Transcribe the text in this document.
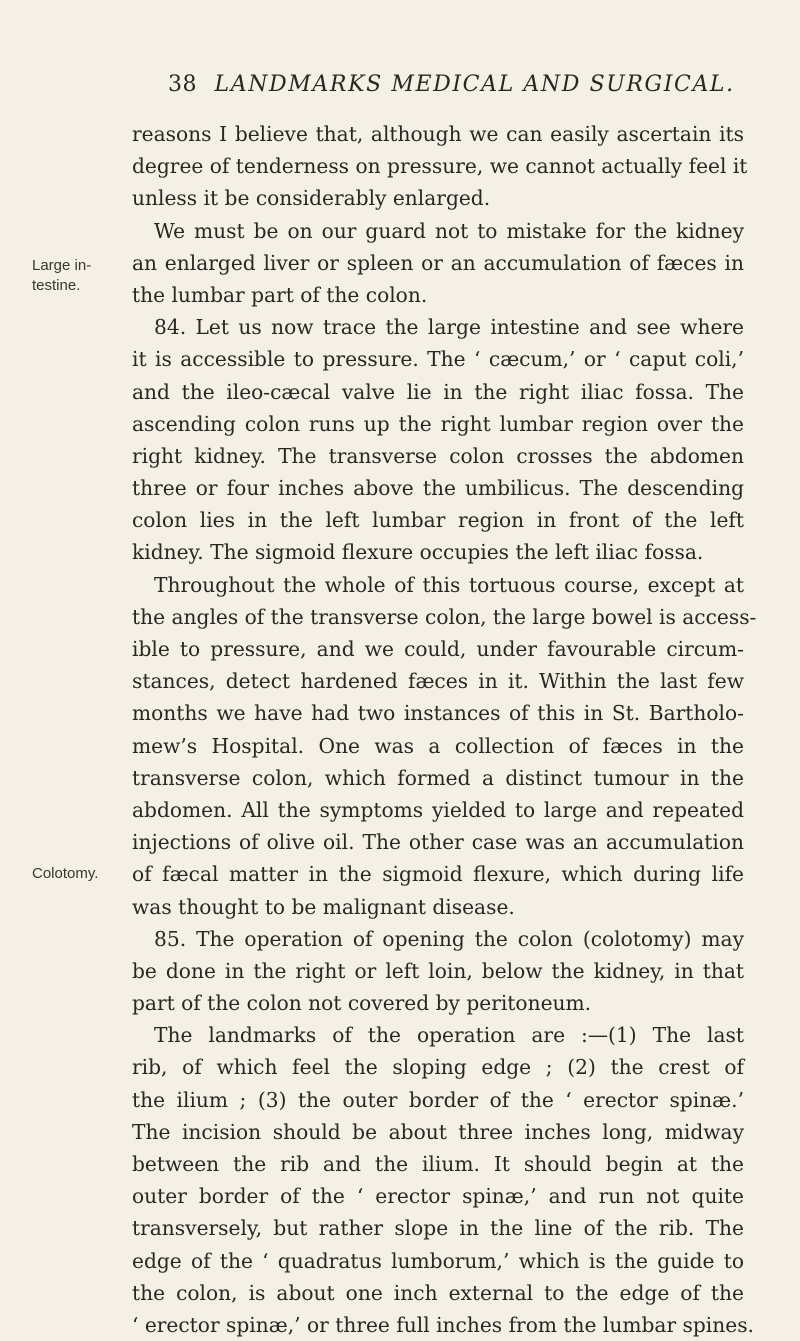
38 LANDMARKS MEDICAL AND SURGICAL.
Large in-
testine.
Colotomy.
reasons I believe that, although we can easily ascertain its
degree of tenderness on pressure, we cannot actually feel it
unless it be considerably enlarged.
We must be on our guard not to mistake for the kidney
an enlarged liver or spleen or an accumulation of fæces in
the lumbar part of the colon.
84. Let us now trace the large intestine and see where
it is accessible to pressure. The ‘ cæcum,’ or ‘ caput coli,’
and the ileo-cæcal valve lie in the right iliac fossa. The
ascending colon runs up the right lumbar region over the
right kidney. The transverse colon crosses the abdomen
three or four inches above the umbilicus. The descending
colon lies in the left lumbar region in front of the left
kidney. The sigmoid flexure occupies the left iliac fossa.
Throughout the whole of this tortuous course, except at
the angles of the transverse colon, the large bowel is access-
ible to pressure, and we could, under favourable circum-
stances, detect hardened fæces in it. Within the last few
months we have had two instances of this in St. Bartholo-
mew’s Hospital. One was a collection of fæces in the
transverse colon, which formed a distinct tumour in the
abdomen. All the symptoms yielded to large and repeated
injections of olive oil. The other case was an accumulation
of fæcal matter in the sigmoid flexure, which during life
was thought to be malignant disease.
85. The operation of opening the colon (colotomy) may
be done in the right or left loin, below the kidney, in that
part of the colon not covered by peritoneum.
The landmarks of the operation are :—(1) The last
rib, of which feel the sloping edge ; (2) the crest of
the ilium ; (3) the outer border of the ‘ erector spinæ.’
The incision should be about three inches long, midway
between the rib and the ilium. It should begin at the
outer border of the ‘ erector spinæ,’ and run not quite
transversely, but rather slope in the line of the rib. The
edge of the ‘ quadratus lumborum,’ which is the guide to
the colon, is about one inch external to the edge of the
‘ erector spinæ,’ or three full inches from the lumbar spines.
